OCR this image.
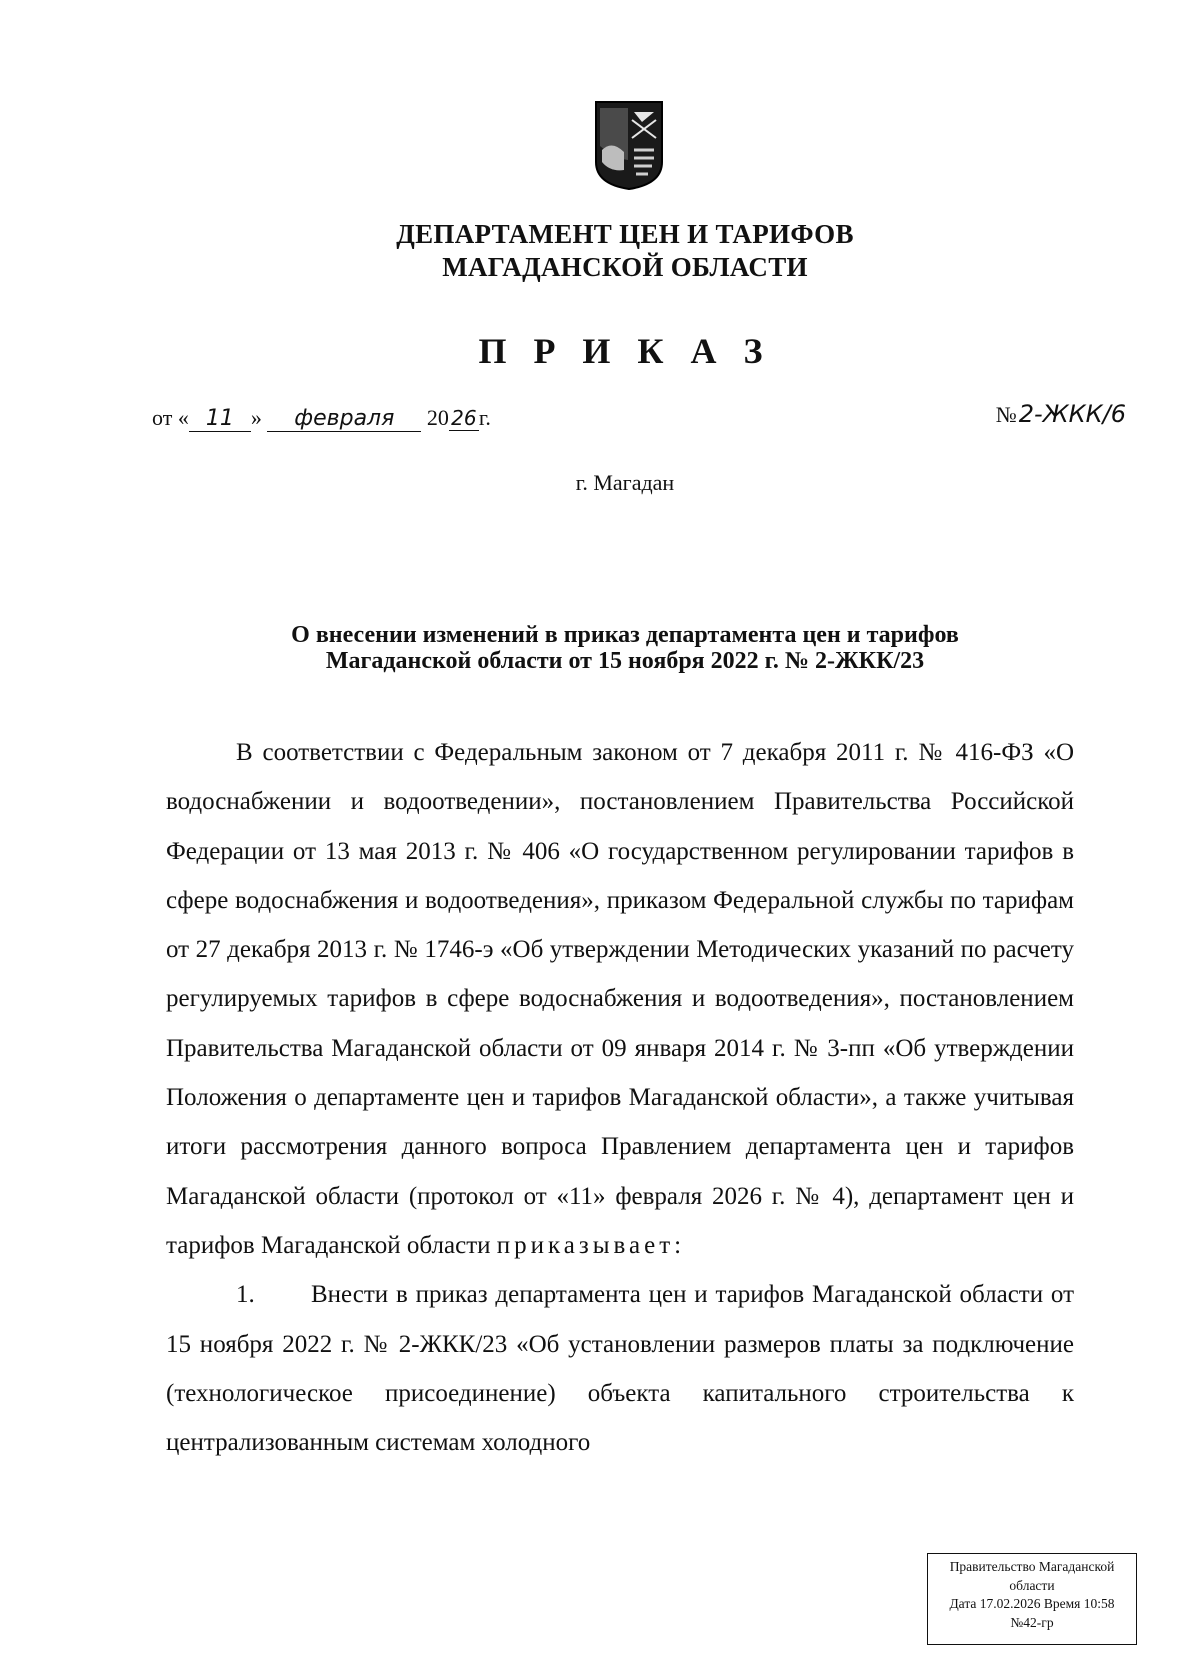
ДЕПАРТАМЕНТ ЦЕН И ТАРИФОВ
МАГАДАНСКОЙ ОБЛАСТИ
П Р И К А З
от « 11 » февраля 20 26 г.	№2-ЖКК/6
г. Магадан
О внесении изменений в приказ департамента цен и тарифов
Магаданской области от 15 ноября 2022 г. № 2-ЖКК/23

В соответствии с Федеральным законом от 7 декабря 2011 г. № 416-ФЗ «О водоснабжении и водоотведении», постановлением Правительства Российской Федерации от 13 мая 2013 г. № 406 «О государственном регулировании тарифов в сфере водоснабжения и водоотведения», приказом Федеральной службы по тарифам от 27 декабря 2013 г. № 1746-э «Об утверждении Методических указаний по расчету регулируемых тарифов в сфере водоснабжения и водоотведения», постановлением Правительства Магаданской области от 09 января 2014 г. № 3-пп «Об утверждении Положения о департаменте цен и тарифов Магаданской области», а также учитывая итоги рассмотрения данного вопроса Правлением департамента цен и тарифов Магаданской области (протокол от «11» февраля 2026 г. № 4), департамент цен и тарифов Магаданской области приказывает:

1. Внести в приказ департамента цен и тарифов Магаданской области от 15 ноября 2022 г. № 2-ЖКК/23 «Об установлении размеров платы за подключение (технологическое присоединение) объекта капитального строительства к централизованным системам холодного

Правительство Магаданской
области
Дата 17.02.2026 Время 10:58
№42-гр
